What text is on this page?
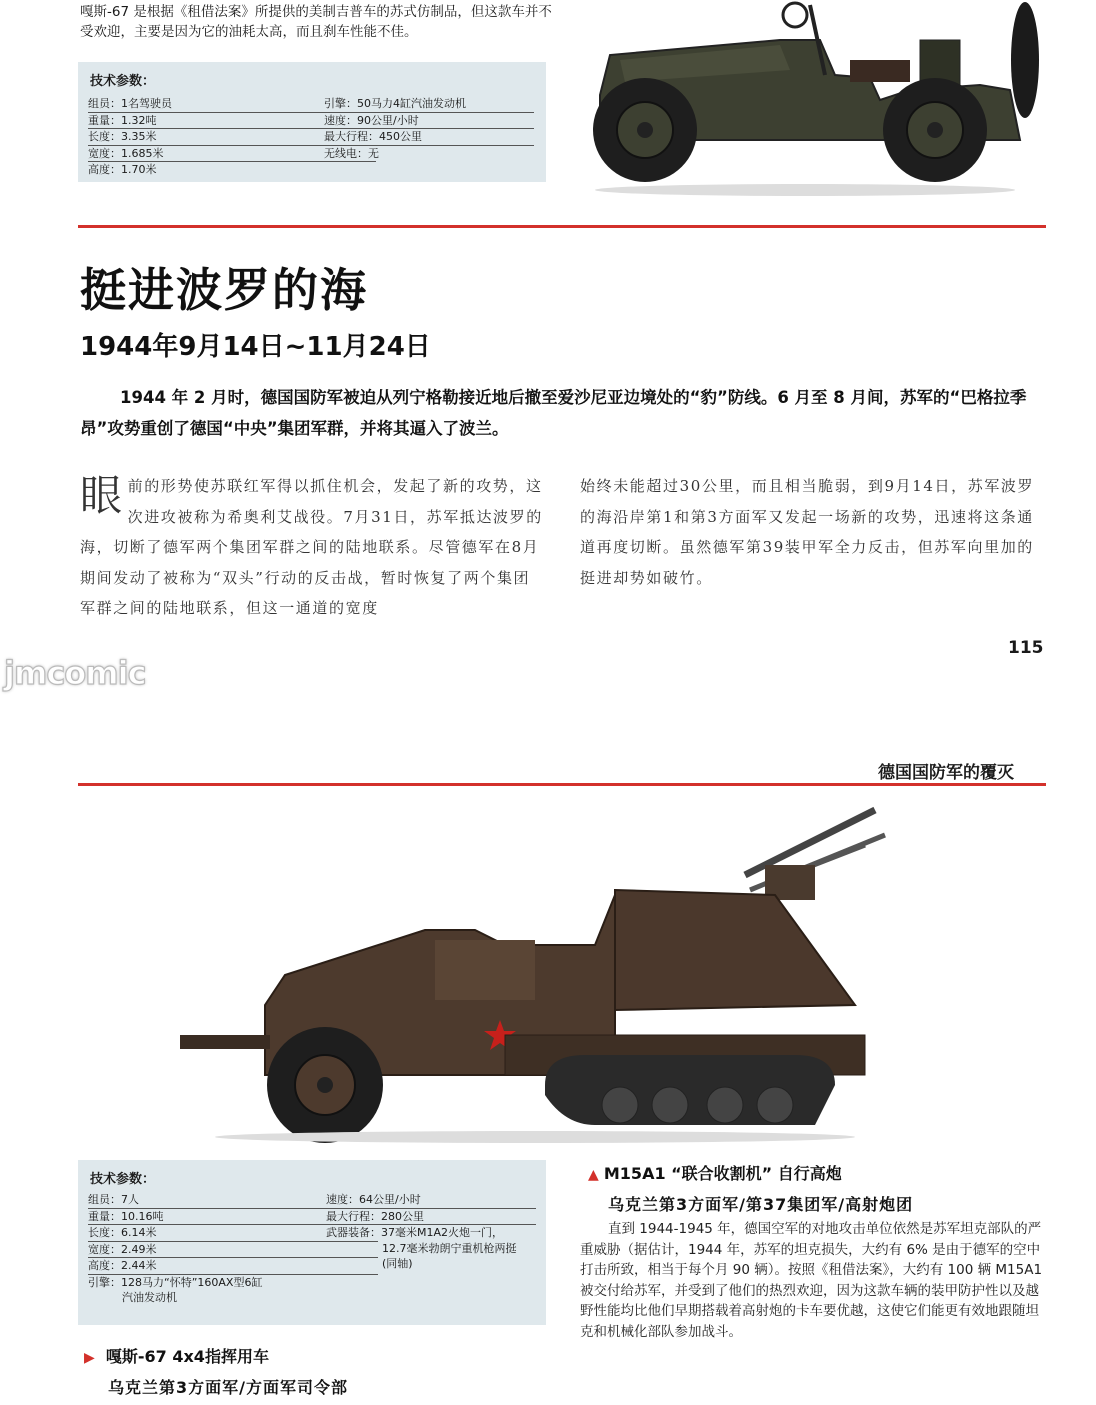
嘎斯-67 是根据《租借法案》所提供的美制吉普车的苏式仿制品，但这款车并不受欢迎，主要是因为它的油耗太高，而且刹车性能不佳。
技术参数：
组员：1名驾驶员
重量：1.32吨
长度：3.35米
宽度：1.685米
高度：1.70米
引擎：50马力4缸汽油发动机
速度：90公里/小时
最大行程：450公里
无线电：无
挺进波罗的海
1944年9月14日~11月24日
1944 年 2 月时，德国国防军被迫从列宁格勒接近地后撤至爱沙尼亚边境处的“豹”防线。6 月至 8 月间，苏军的“巴格拉季昂”攻势重创了德国“中央”集团军群，并将其逼入了波兰。
眼前的形势使苏联红军得以抓住机会，发起了新的攻势，这次进攻被称为希奥利艾战役。7月31日，苏军抵达波罗的海，切断了德军两个集团军群之间的陆地联系。尽管德军在8月期间发动了被称为“双头”行动的反击战，暂时恢复了两个集团军群之间的陆地联系，但这一通道的宽度
始终未能超过30公里，而且相当脆弱，到9月14日，苏军波罗的海沿岸第1和第3方面军又发起一场新的攻势，迅速将这条通道再度切断。虽然德军第39装甲军全力反击，但苏军向里加的挺进却势如破竹。
115
jmcomic
德国国防军的覆灭
技术参数：
组员：7人
重量：10.16吨
长度：6.14米
宽度：2.49米
高度：2.44米
引擎：128马力“怀特”160AX型6缸
汽油发动机
速度：64公里/小时
最大行程：280公里
武器装备：37毫米M1A2火炮一门，
12.7毫米勃朗宁重机枪两挺
(同轴)
▲ M15A1 “联合收割机” 自行高炮
乌克兰第3方面军/第37集团军/高射炮团
直到 1944-1945 年，德国空军的对地攻击单位依然是苏军坦克部队的严重威胁（据估计，1944 年，苏军的坦克损失，大约有 6% 是由于德军的空中打击所致，相当于每个月 90 辆）。按照《租借法案》，大约有 100 辆 M15A1 被交付给苏军，并受到了他们的热烈欢迎，因为这款车辆的装甲防护性以及越野性能均比他们早期搭载着高射炮的卡车要优越，这使它们能更有效地跟随坦克和机械化部队参加战斗。
▶ 嘎斯-67 4x4指挥用车
乌克兰第3方面军/方面军司令部
